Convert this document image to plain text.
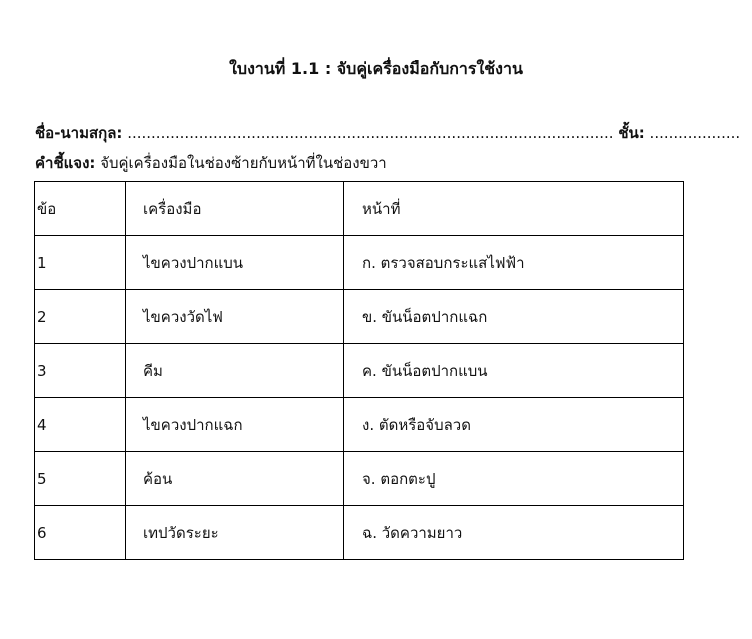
ใบงานที่ 1.1 : จับคู่เครื่องมือกับการใช้งาน
ชื่อ-นามสกุล: ...................................................................................................... ชั้น: ...................
คำชี้แจง: จับคู่เครื่องมือในช่องซ้ายกับหน้าที่ในช่องขวา
ข้อ	เครื่องมือ	หน้าที่
1	ไขควงปากแบน	ก. ตรวจสอบกระแสไฟฟ้า
2	ไขควงวัดไฟ	ข. ขันน็อตปากแฉก
3	คีม	ค. ขันน็อตปากแบน
4	ไขควงปากแฉก	ง. ตัดหรือจับลวด
5	ค้อน	จ. ตอกตะปู
6	เทปวัดระยะ	ฉ. วัดความยาว
